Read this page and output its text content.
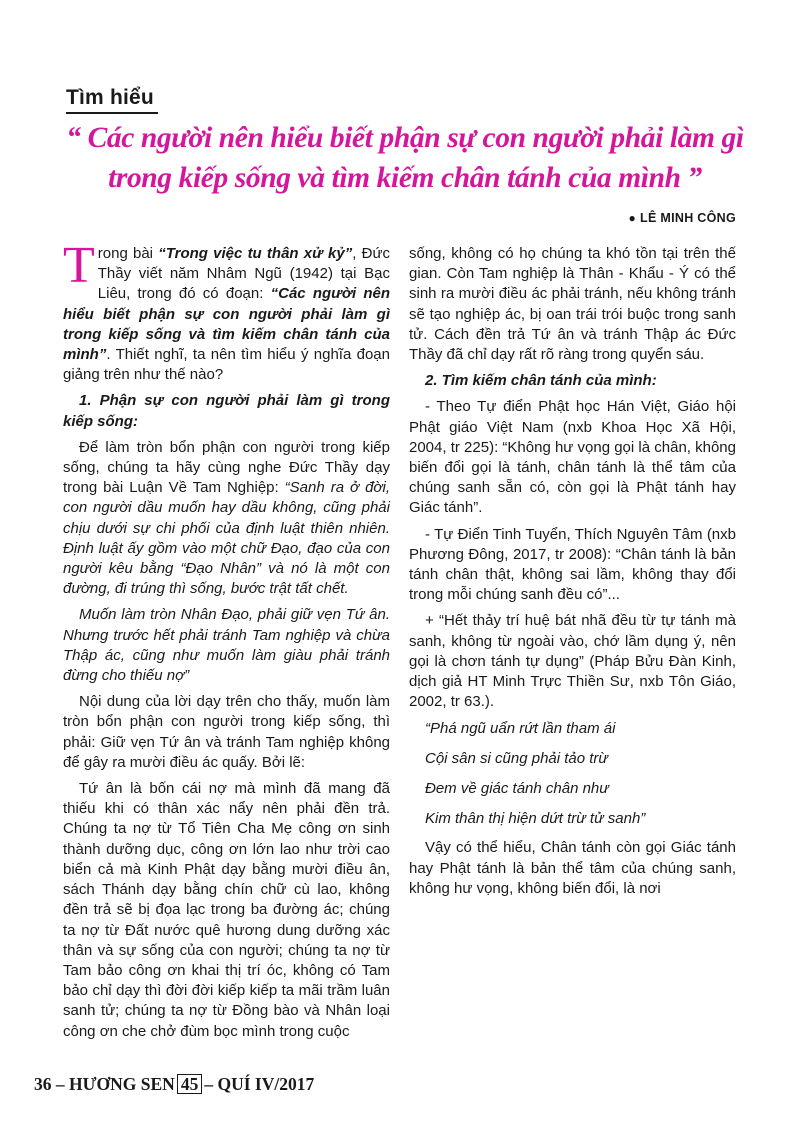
Tìm hiểu
“ Các người nên hiểu biết phận sự con người phải làm gì trong kiếp sống và tìm kiếm chân tánh của mình ”
● LÊ MINH CÔNG

Trong bài “Trong việc tu thân xử kỷ”, Đức Thầy viết năm Nhâm Ngũ (1942) tại Bạc Liêu, trong đó có đoạn: “Các người nên hiểu biết phận sự con người phải làm gì trong kiếp sống và tìm kiếm chân tánh của mình”. Thiết nghĩ, ta nên tìm hiểu ý nghĩa đoạn giảng trên như thế nào?

1. Phận sự con người phải làm gì trong kiếp sống:

Để làm tròn bổn phận con người trong kiếp sống, chúng ta hãy cùng nghe Đức Thầy dạy trong bài Luận Về Tam Nghiệp: “Sanh ra ở đời, con người dầu muốn hay dầu không, cũng phải chịu dưới sự chi phối của định luật thiên nhiên. Định luật ấy gồm vào một chữ Đạo, đạo của con người kêu bằng “Đạo Nhân” và nó là một con đường, đi trúng thì sống, bước trật tất chết.

Muốn làm tròn Nhân Đạo, phải giữ vẹn Tứ ân. Nhưng trước hết phải tránh Tam nghiệp và chừa Thập ác, cũng như muốn làm giàu phải tránh đừng cho thiếu nợ”

Nội dung của lời dạy trên cho thấy, muốn làm tròn bổn phận con người trong kiếp sống, thì phải: Giữ vẹn Tứ ân và tránh Tam nghiệp không để gây ra mười điều ác quấy. Bởi lẽ:

Tứ ân là bốn cái nợ mà mình đã mang đã thiếu khi có thân xác nẩy nên phải đền trả. Chúng ta nợ từ Tổ Tiên Cha Mẹ công ơn sinh thành dưỡng dục, công ơn lớn lao như trời cao biển cả mà Kinh Phật dạy bằng mười điều ân, sách Thánh dạy bằng chín chữ cù lao, không đền trả sẽ bị đọa lạc trong ba đường ác; chúng ta nợ từ Đất nước quê hương dung dưỡng xác thân và sự sống của con người; chúng ta nợ từ Tam bảo công ơn khai thị trí óc, không có Tam bảo chỉ dạy thì đời đời kiếp kiếp ta mãi trầm luân sanh tử; chúng ta nợ từ Đồng bào và Nhân loại công ơn che chở đùm bọc mình trong cuộc

sống, không có họ chúng ta khó tồn tại trên thế gian. Còn Tam nghiệp là Thân - Khẩu - Ý có thể sinh ra mười điều ác phải tránh, nếu không tránh sẽ tạo nghiệp ác, bị oan trái trói buộc trong sanh tử. Cách đền trả Tứ ân và tránh Thập ác Đức Thầy đã chỉ dạy rất rõ ràng trong quyển sáu.

2. Tìm kiếm chân tánh của mình:

- Theo Tự điển Phật học Hán Việt, Giáo hội Phật giáo Việt Nam (nxb Khoa Học Xã Hội, 2004, tr 225): “Không hư vọng gọi là chân, không biến đổi gọi là tánh, chân tánh là thể tâm của chúng sanh sẵn có, còn gọi là Phật tánh hay Giác tánh”.

- Tự Điển Tinh Tuyển, Thích Nguyên Tâm (nxb Phương Đông, 2017, tr 2008): “Chân tánh là bản tánh chân thật, không sai lầm, không thay đổi trong mỗi chúng sanh đều có”...

+ “Hết thảy trí huệ bát nhã đều từ tự tánh mà sanh, không từ ngoài vào, chớ lầm dụng ý, nên gọi là chơn tánh tự dụng” (Pháp Bửu Đàn Kinh, dịch giả HT Minh Trực Thiền Sư, nxb Tôn Giáo, 2002, tr 63.).

“Phá ngũ uẩn rứt lần tham ái

Cội sân si cũng phải tảo trừ

Đem về giác tánh chân như

Kim thân thị hiện dứt trừ tử sanh”

Vậy có thể hiểu, Chân tánh còn gọi Giác tánh hay Phật tánh là bản thể tâm của chúng sanh, không hư vọng, không biến đổi, là nơi

36 – HƯƠNG SEN 45 – QUÍ IV/2017
